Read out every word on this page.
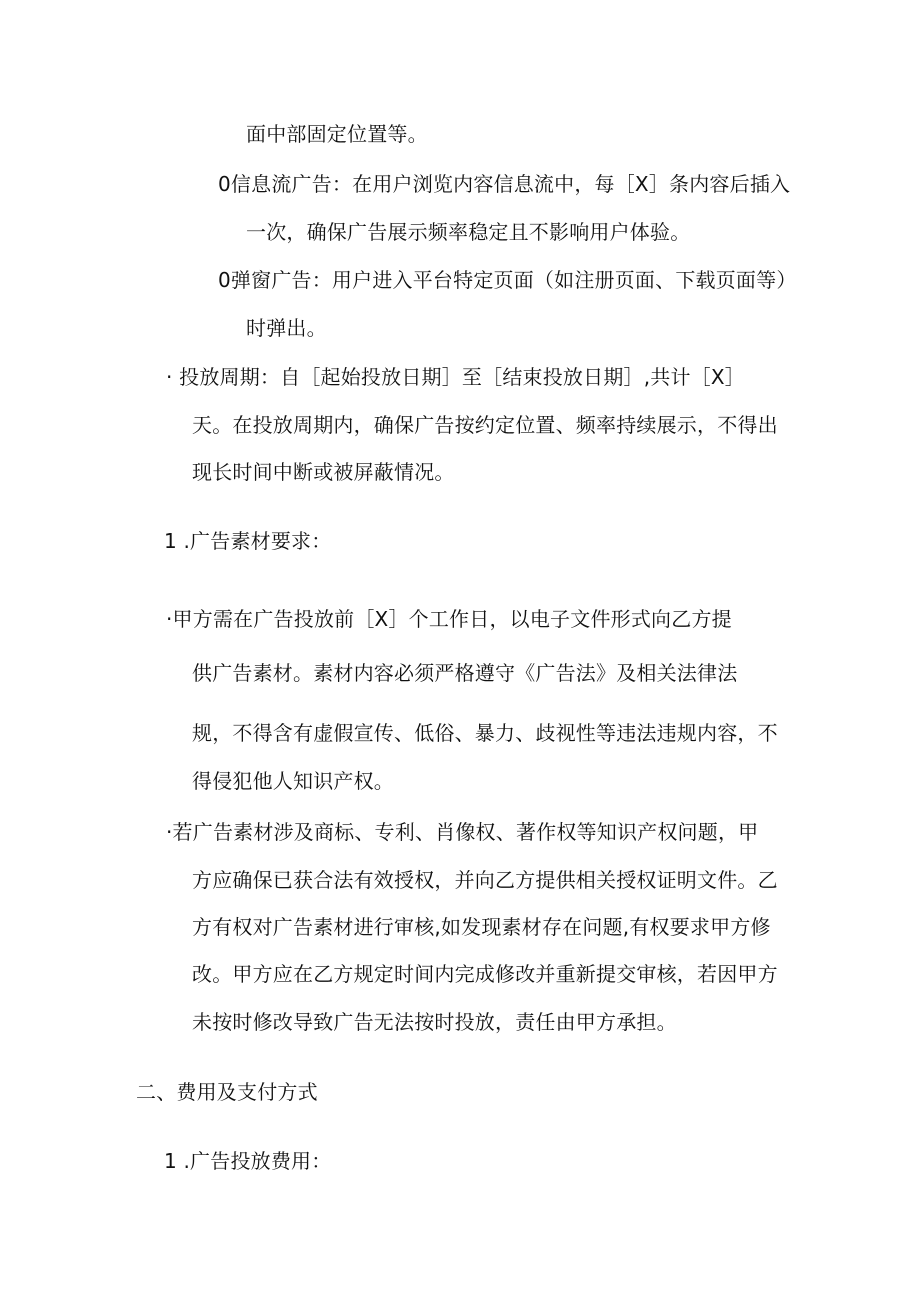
面中部固定位置等。
0信息流广告：在用户浏览内容信息流中，每［X］条内容后插入
一次，确保广告展示频率稳定且不影响用户体验。
0弹窗广告：用户进入平台特定页面（如注册页面、下载页面等）
时弹出。
· 投放周期：自［起始投放日期］至［结束投放日期］,共计［X］
天。在投放周期内，确保广告按约定位置、频率持续展示，不得出
现长时间中断或被屏蔽情况。
1 .广告素材要求：
·甲方需在广告投放前［X］个工作日，以电子文件形式向乙方提
供广告素材。素材内容必须严格遵守《广告法》及相关法律法
规，不得含有虚假宣传、低俗、暴力、歧视性等违法违规内容，不
得侵犯他人知识产权。
·若广告素材涉及商标、专利、肖像权、著作权等知识产权问题，甲
方应确保已获合法有效授权，并向乙方提供相关授权证明文件。乙
方有权对广告素材进行审核,如发现素材存在问题,有权要求甲方修
改。甲方应在乙方规定时间内完成修改并重新提交审核，若因甲方
未按时修改导致广告无法按时投放，责任由甲方承担。
二、费用及支付方式
1 .广告投放费用：
